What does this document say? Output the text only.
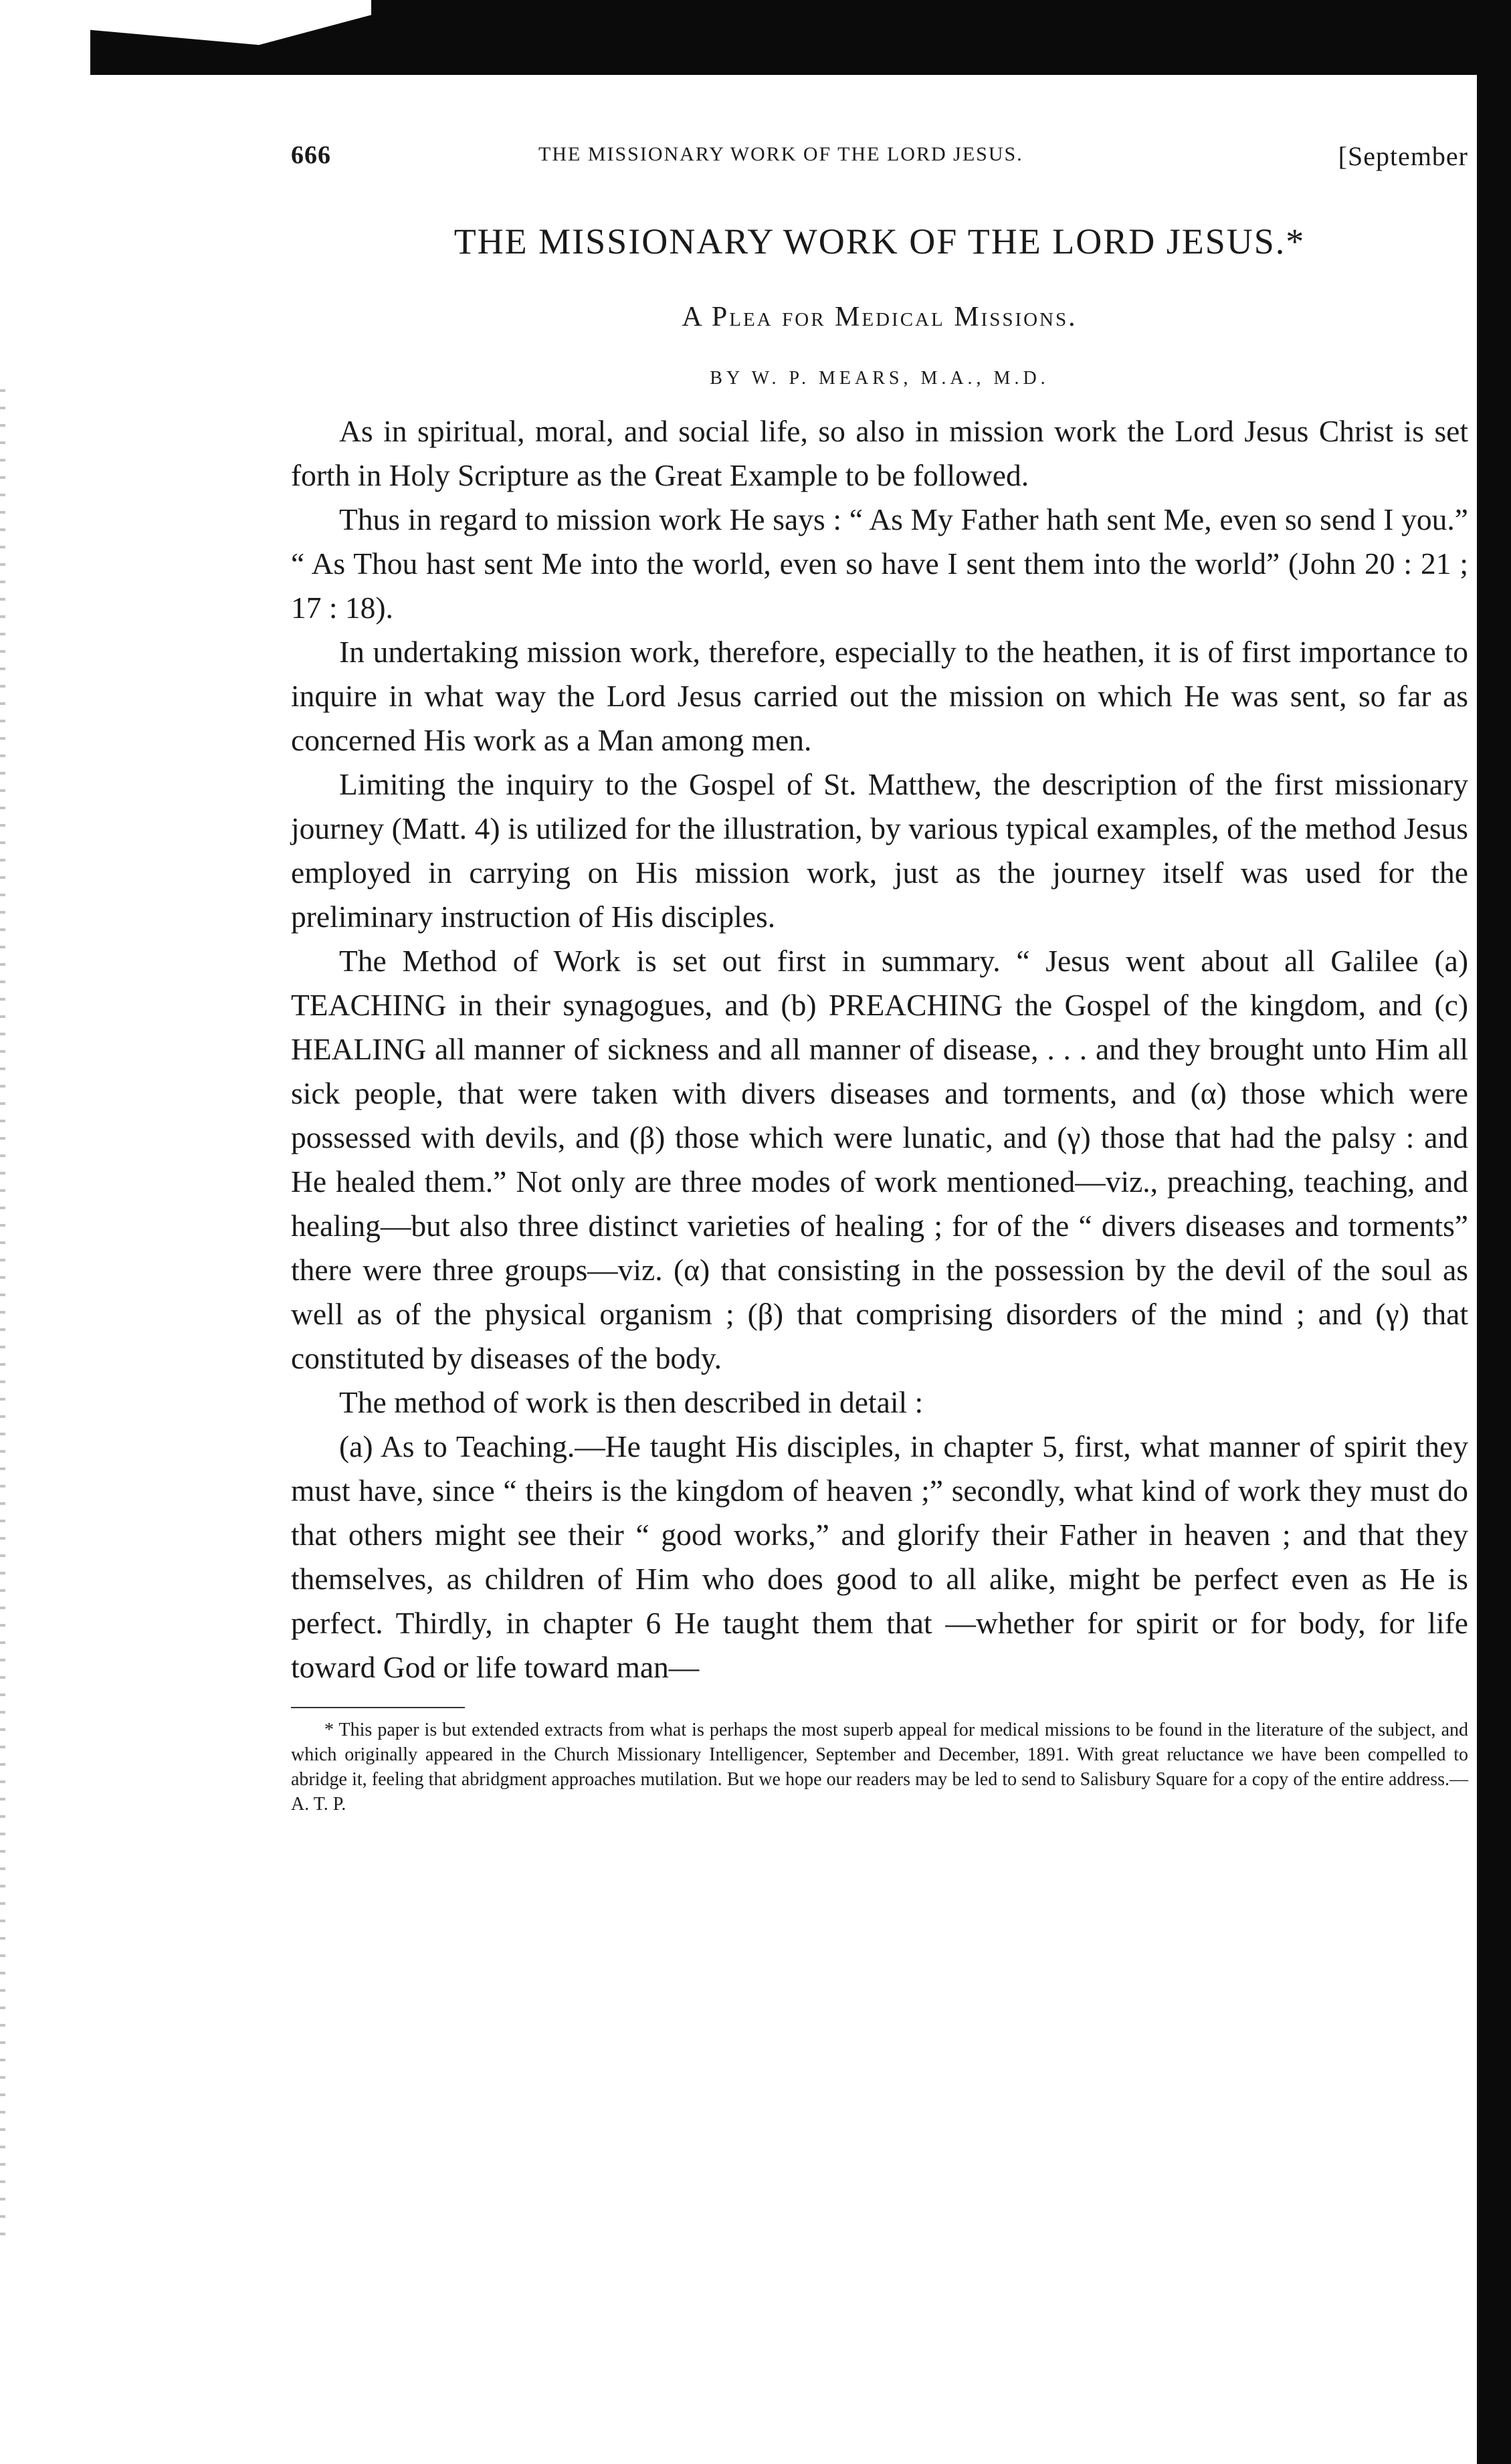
666	THE MISSIONARY WORK OF THE LORD JESUS.	[September
THE MISSIONARY WORK OF THE LORD JESUS.*
A Plea for Medical Missions.
BY W. P. MEARS, M.A., M.D.

As in spiritual, moral, and social life, so also in mission work the Lord Jesus Christ is set forth in Holy Scripture as the Great Example to be followed.

Thus in regard to mission work He says : “ As My Father hath sent Me, even so send I you.” “ As Thou hast sent Me into the world, even so have I sent them into the world” (John 20 : 21 ; 17 : 18).

In undertaking mission work, therefore, especially to the heathen, it is of first importance to inquire in what way the Lord Jesus carried out the mission on which He was sent, so far as concerned His work as a Man among men.

Limiting the inquiry to the Gospel of St. Matthew, the description of the first missionary journey (Matt. 4) is utilized for the illustration, by various typical examples, of the method Jesus employed in carrying on His mission work, just as the journey itself was used for the preliminary instruction of His disciples.

The Method of Work is set out first in summary. “ Jesus went about all Galilee (a) TEACHING in their synagogues, and (b) PREACHING the Gospel of the kingdom, and (c) HEALING all manner of sickness and all manner of disease, . . . and they brought unto Him all sick people, that were taken with divers diseases and torments, and (α) those which were possessed with devils, and (β) those which were lunatic, and (γ) those that had the palsy : and He healed them.” Not only are three modes of work mentioned—viz., preaching, teaching, and healing—but also three distinct varieties of healing ; for of the “ divers diseases and torments” there were three groups—viz. (α) that consisting in the possession by the devil of the soul as well as of the physical organism ; (β) that comprising disorders of the mind ; and (γ) that constituted by diseases of the body.

The method of work is then described in detail :

(a) As to Teaching.—He taught His disciples, in chapter 5, first, what manner of spirit they must have, since “ theirs is the kingdom of heaven ;” secondly, what kind of work they must do that others might see their “ good works,” and glorify their Father in heaven ; and that they themselves, as children of Him who does good to all alike, might be perfect even as He is perfect. Thirdly, in chapter 6 He taught them that —whether for spirit or for body, for life toward God or life toward man—

* This paper is but extended extracts from what is perhaps the most superb appeal for medical missions to be found in the literature of the subject, and which originally appeared in the Church Missionary Intelligencer, September and December, 1891. With great reluctance we have been compelled to abridge it, feeling that abridgment approaches mutilation. But we hope our readers may be led to send to Salisbury Square for a copy of the entire address.—A. T. P.
